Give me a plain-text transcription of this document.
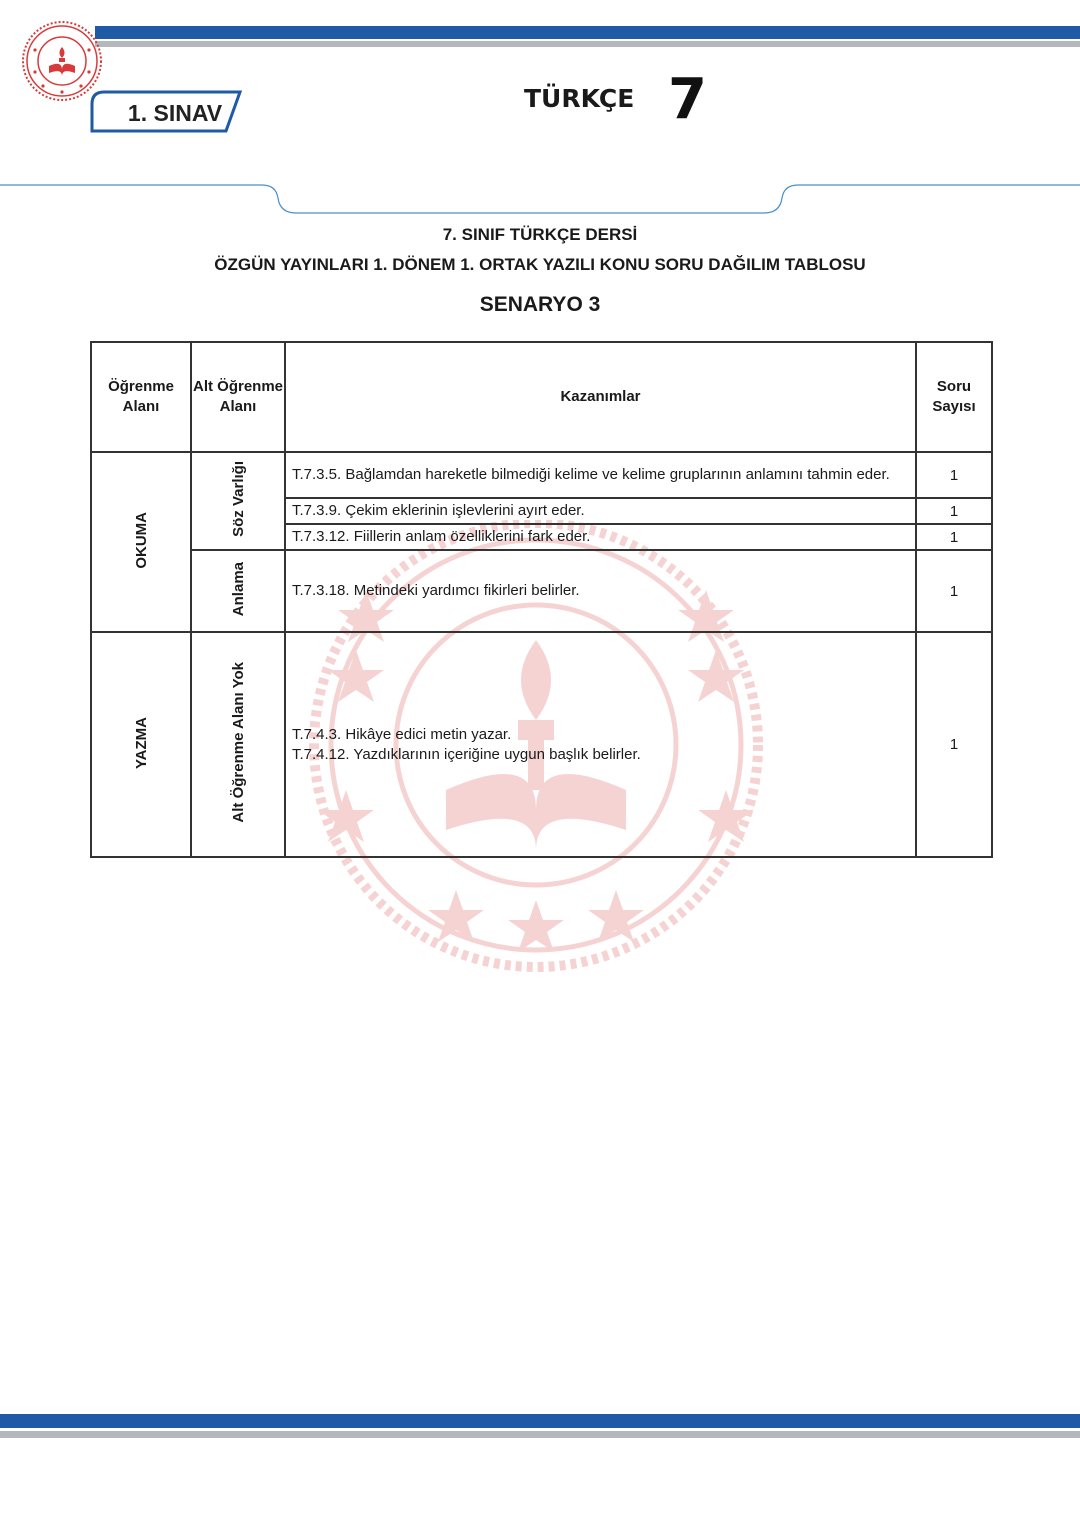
1. SINAV	TÜRKÇE 7
7. SINIF TÜRKÇE DERSİ
ÖZGÜN YAYINLARI 1. DÖNEM 1. ORTAK YAZILI KONU SORU DAĞILIM TABLOSU
SENARYO 3
Öğrenme Alanı	Alt Öğrenme Alanı	Kazanımlar	Soru Sayısı
OKUMA	Söz Varlığı	T.7.3.5. Bağlamdan hareketle bilmediği kelime ve kelime gruplarının anlamını tahmin eder.	1
		T.7.3.9. Çekim eklerinin işlevlerini ayırt eder.	1
		T.7.3.12. Fiillerin anlam özelliklerini fark eder.	1
	Anlama	T.7.3.18. Metindeki yardımcı fikirleri belirler.	1
YAZMA	Alt Öğrenme Alanı Yok	T.7.4.3. Hikâye edici metin yazar.
T.7.4.12. Yazdıklarının içeriğine uygun başlık belirler.	1
